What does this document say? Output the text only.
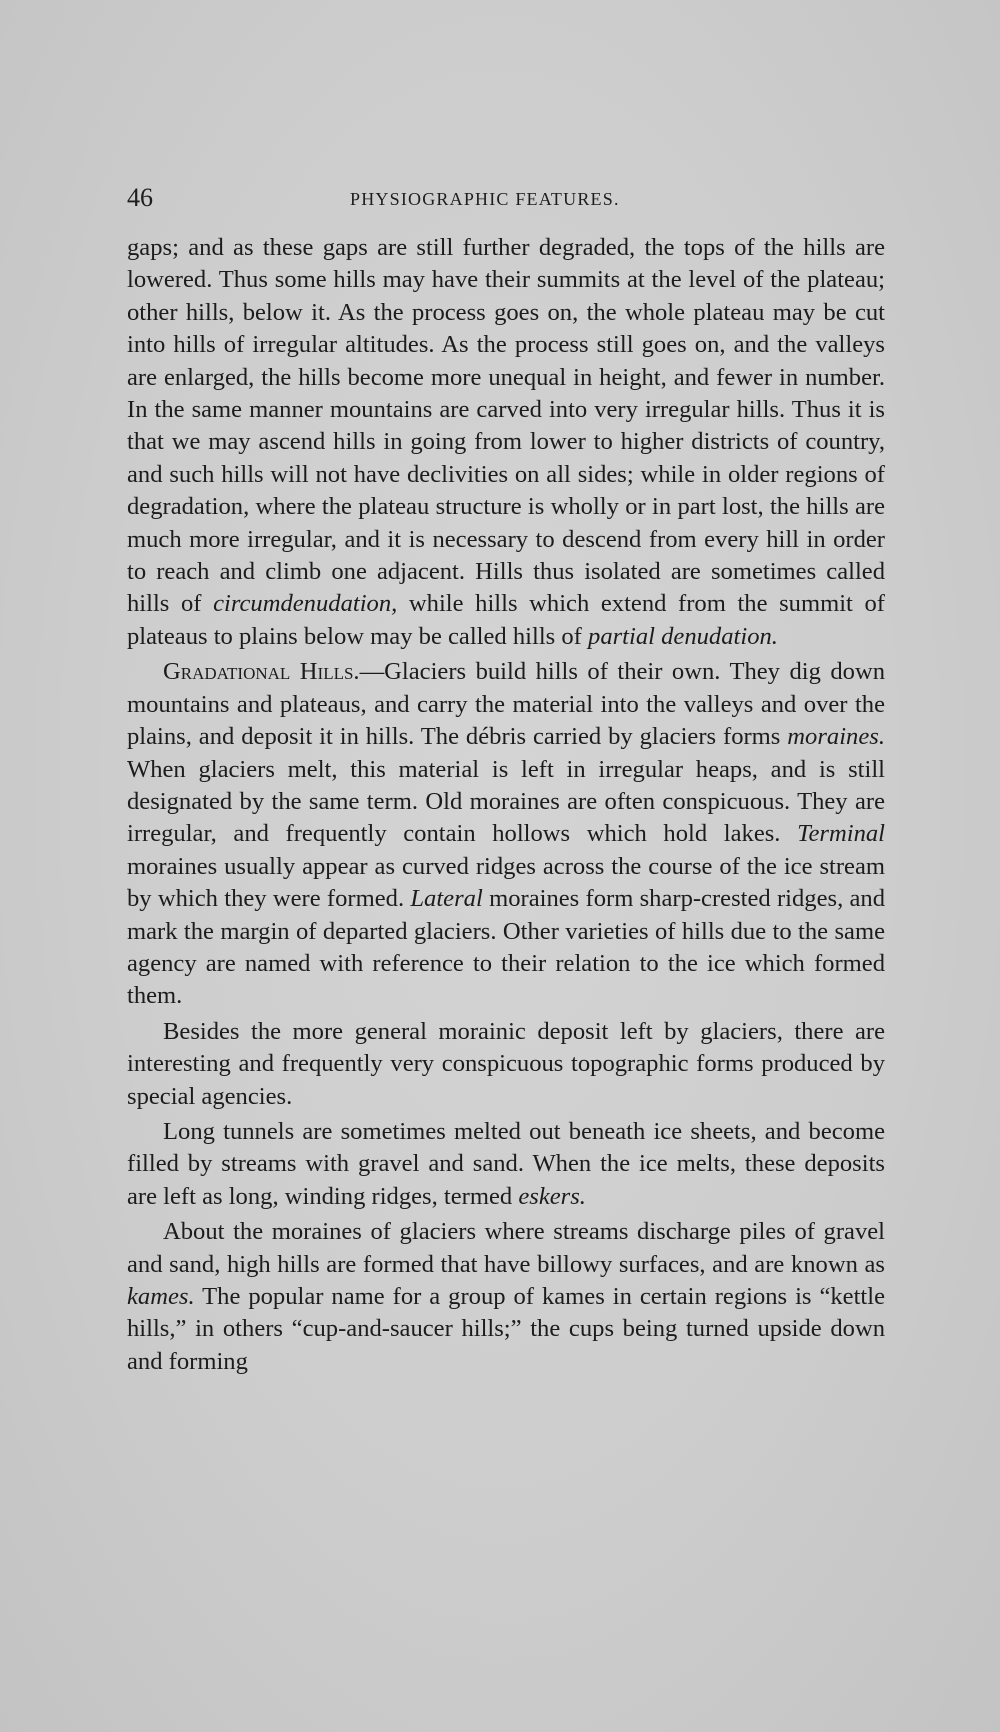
46	PHYSIOGRAPHIC FEATURES.

gaps; and as these gaps are still further degraded, the tops of the hills are lowered. Thus some hills may have their summits at the level of the plateau; other hills, below it. As the process goes on, the whole plateau may be cut into hills of irregular altitudes. As the process still goes on, and the valleys are enlarged, the hills become more unequal in height, and fewer in number. In the same manner mountains are carved into very irregular hills. Thus it is that we may ascend hills in going from lower to higher districts of country, and such hills will not have declivities on all sides; while in older regions of degradation, where the plateau structure is wholly or in part lost, the hills are much more irregular, and it is necessary to descend from every hill in order to reach and climb one adjacent. Hills thus isolated are sometimes called hills of circumdenudation, while hills which extend from the summit of plateaus to plains below may be called hills of partial denudation.

Gradational Hills.—Glaciers build hills of their own. They dig down mountains and plateaus, and carry the material into the valleys and over the plains, and deposit it in hills. The débris carried by glaciers forms moraines. When glaciers melt, this material is left in irregular heaps, and is still designated by the same term. Old moraines are often conspicuous. They are irregular, and frequently contain hollows which hold lakes. Terminal moraines usually appear as curved ridges across the course of the ice stream by which they were formed. Lateral moraines form sharp-crested ridges, and mark the margin of departed glaciers. Other varieties of hills due to the same agency are named with reference to their relation to the ice which formed them.

Besides the more general morainic deposit left by glaciers, there are interesting and frequently very conspicuous topographic forms produced by special agencies.

Long tunnels are sometimes melted out beneath ice sheets, and become filled by streams with gravel and sand. When the ice melts, these deposits are left as long, winding ridges, termed eskers.

About the moraines of glaciers where streams discharge piles of gravel and sand, high hills are formed that have billowy surfaces, and are known as kames. The popular name for a group of kames in certain regions is “kettle hills,” in others “cup-and-saucer hills;” the cups being turned upside down and forming
